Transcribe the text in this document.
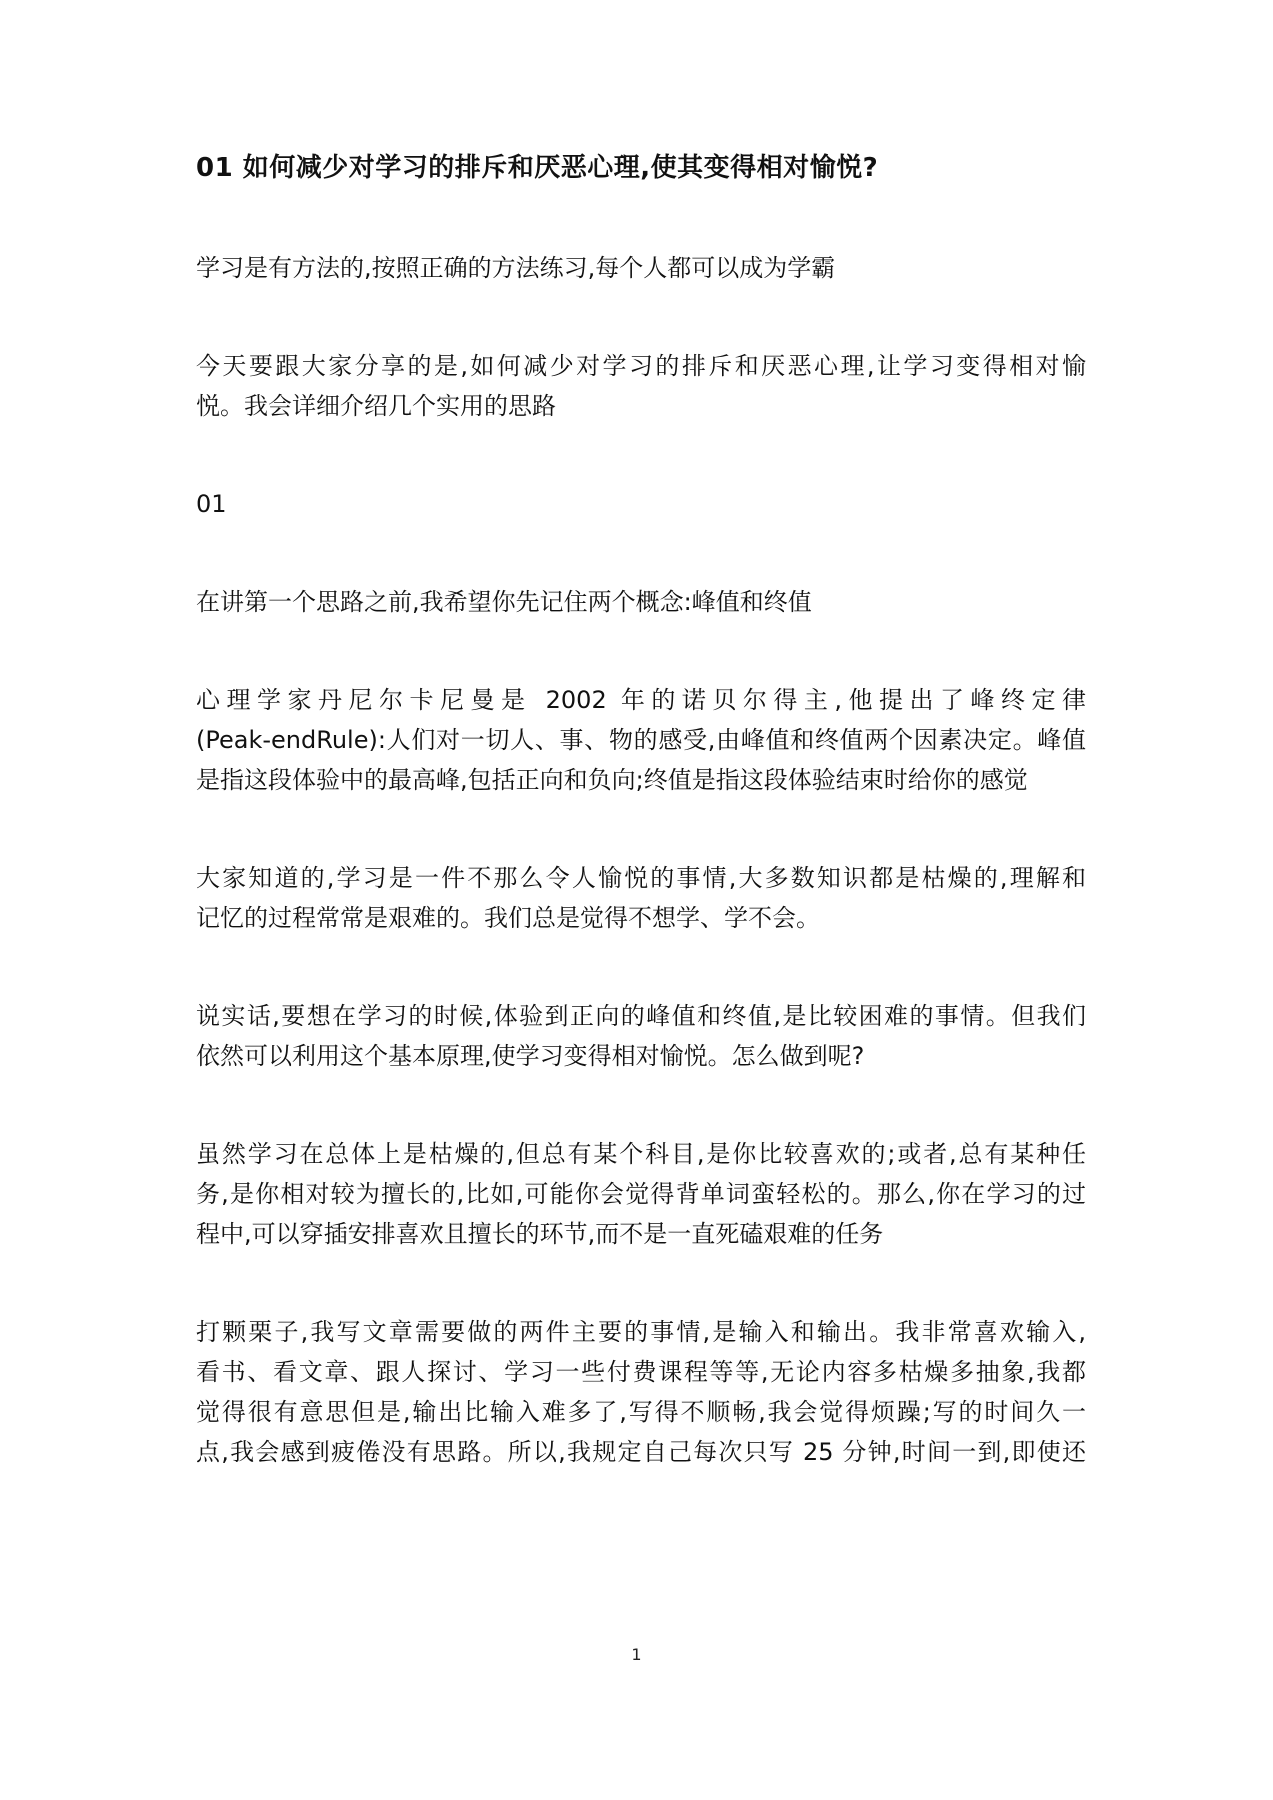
01 如何减少对学习的排斥和厌恶心理,使其变得相对愉悦?
学习是有方法的,按照正确的方法练习,每个人都可以成为学霸
今天要跟大家分享的是,如何减少对学习的排斥和厌恶心理,让学习变得相对愉
悦。我会详细介绍几个实用的思路
01
在讲第一个思路之前,我希望你先记住两个概念:峰值和终值
心理学家丹尼尔卡尼曼是 2002 年的诺贝尔得主,他提出了峰终定律
(Peak-endRule):人们对一切人、事、物的感受,由峰值和终值两个因素决定。峰值
是指这段体验中的最高峰,包括正向和负向;终值是指这段体验结束时给你的感觉
大家知道的,学习是一件不那么令人愉悦的事情,大多数知识都是枯燥的,理解和
记忆的过程常常是艰难的。我们总是觉得不想学、学不会。
说实话,要想在学习的时候,体验到正向的峰值和终值,是比较困难的事情。但我们
依然可以利用这个基本原理,使学习变得相对愉悦。怎么做到呢?
虽然学习在总体上是枯燥的,但总有某个科目,是你比较喜欢的;或者,总有某种任
务,是你相对较为擅长的,比如,可能你会觉得背单词蛮轻松的。那么,你在学习的过
程中,可以穿插安排喜欢且擅长的环节,而不是一直死磕艰难的任务
打颗栗子,我写文章需要做的两件主要的事情,是输入和输出。我非常喜欢输入,
看书、看文章、跟人探讨、学习一些付费课程等等,无论内容多枯燥多抽象,我都
觉得很有意思但是,输出比输入难多了,写得不顺畅,我会觉得烦躁;写的时间久一
点,我会感到疲倦没有思路。所以,我规定自己每次只写 25 分钟,时间一到,即使还
1
